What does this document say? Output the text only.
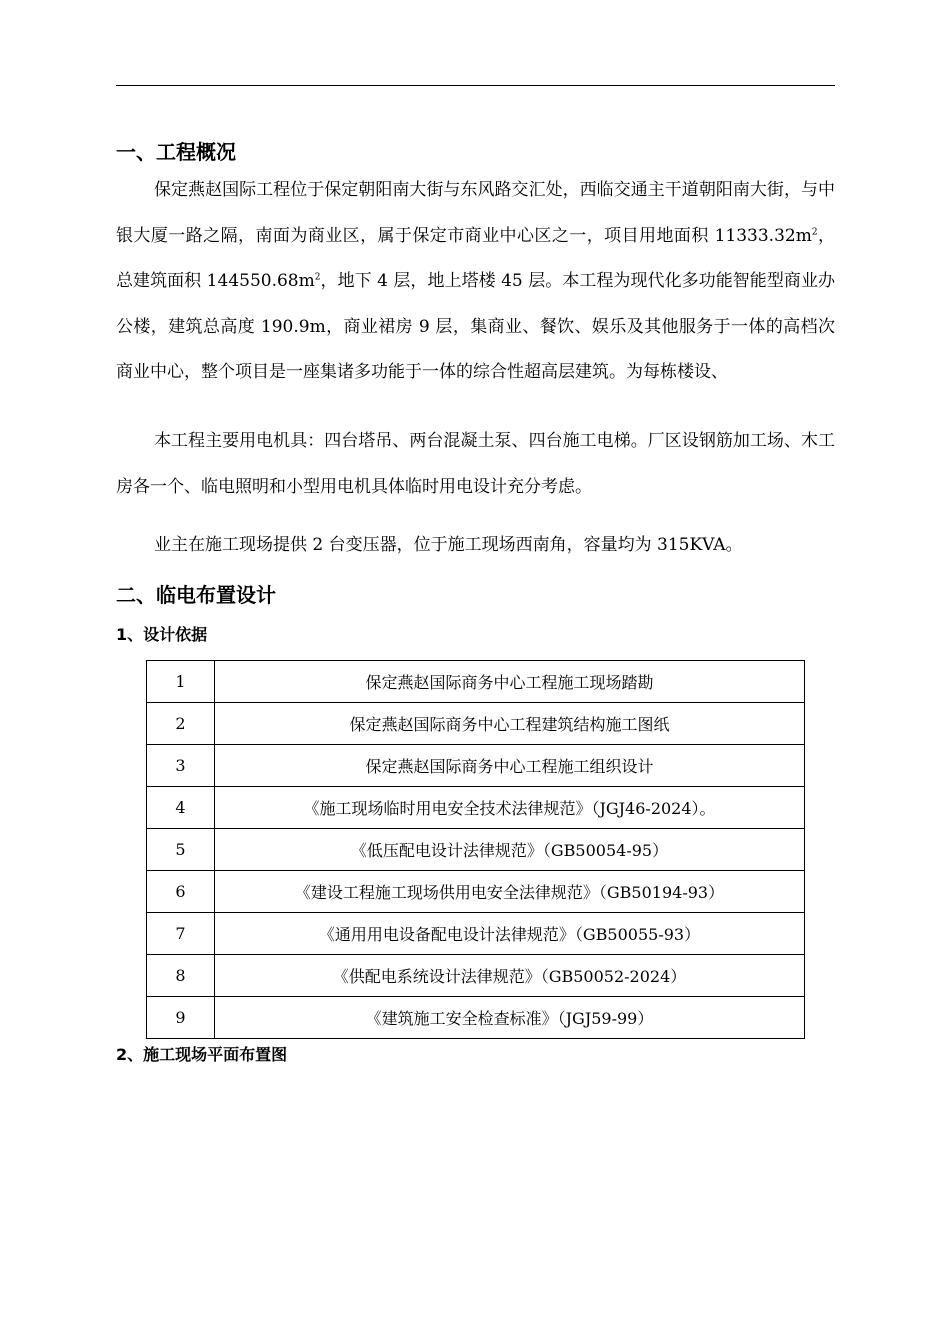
一、工程概况
保定燕赵国际工程位于保定朝阳南大街与东风路交汇处，西临交通主干道朝阳南大街，与中银大厦一路之隔，南面为商业区，属于保定市商业中心区之一，项目用地面积 $11333.32m^2$，总建筑面积 $144550.68m^2$，地下 4 层，地上塔楼 45 层。本工程为现代化多功能智能型商业办公楼，建筑总高度 190.9m，商业裙房 9 层，集商业、餐饮、娱乐及其他服务于一体的高档次商业中心，整个项目是一座集诸多功能于一体的综合性超高层建筑。为每栋楼设、
本工程主要用电机具：四台塔吊、两台混凝土泵、四台施工电梯。厂区设钢筋加工场、木工房各一个、临电照明和小型用电机具体临时用电设计充分考虑。
业主在施工现场提供 2 台变压器，位于施工现场西南角，容量均为 315KVA。
二、临电布置设计
1、设计依据
1	保定燕赵国际商务中心工程施工现场踏勘
2	保定燕赵国际商务中心工程建筑结构施工图纸
3	保定燕赵国际商务中心工程施工组织设计
4	《施工现场临时用电安全技术法律规范》（JGJ46-2024）。
5	《低压配电设计法律规范》（GB50054-95）
6	《建设工程施工现场供用电安全法律规范》（GB50194-93）
7	《通用用电设备配电设计法律规范》（GB50055-93）
8	《供配电系统设计法律规范》（GB50052-2024）
9	《建筑施工安全检查标准》（JGJ59-99）
2、施工现场平面布置图
